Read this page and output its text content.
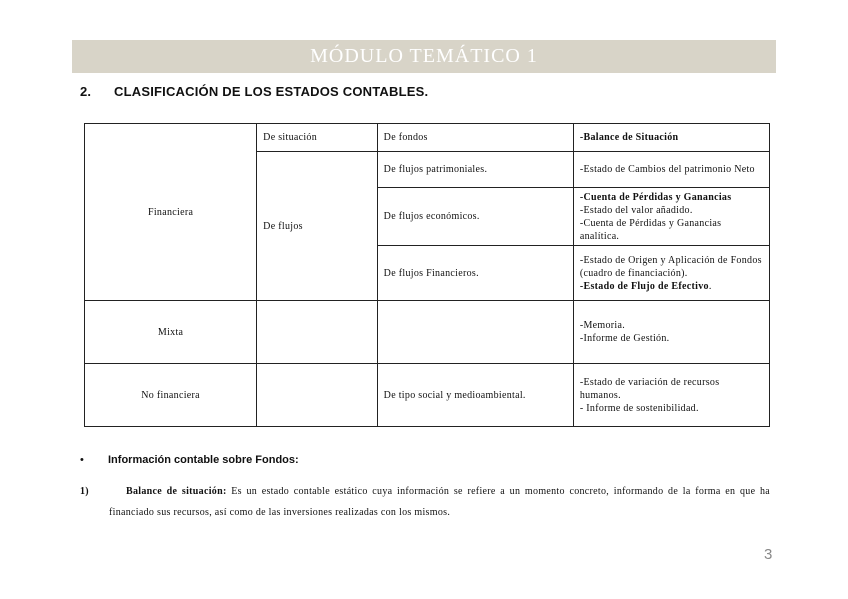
MÓDULO TEMÁTICO 1
2. CLASIFICACIÓN DE LOS ESTADOS CONTABLES.
Financiera	De situación	De fondos	-Balance de Situación
	De flujos	De flujos patrimoniales.	-Estado de Cambios del patrimonio Neto
		De flujos económicos.	-Cuenta de Pérdidas y Ganancias
-Estado del valor añadido.
-Cuenta de Pérdidas y Ganancias analítica.

		De flujos Financieros.	-Estado de Origen y Aplicación de Fondos (cuadro de financiación).
-Estado de Flujo de Efectivo.

Mixta			-Memoria.
-Informe de Gestión.

No financiera		De tipo social y medioambiental.	-Estado de variación de recursos humanos.
- Informe de sostenibilidad.
• Información contable sobre Fondos:
1)	Balance de situación: Es un estado contable estático cuya información se refiere a un momento concreto, informando de la forma en que ha financiado sus recursos, así como de las inversiones realizadas con los mismos.
3
